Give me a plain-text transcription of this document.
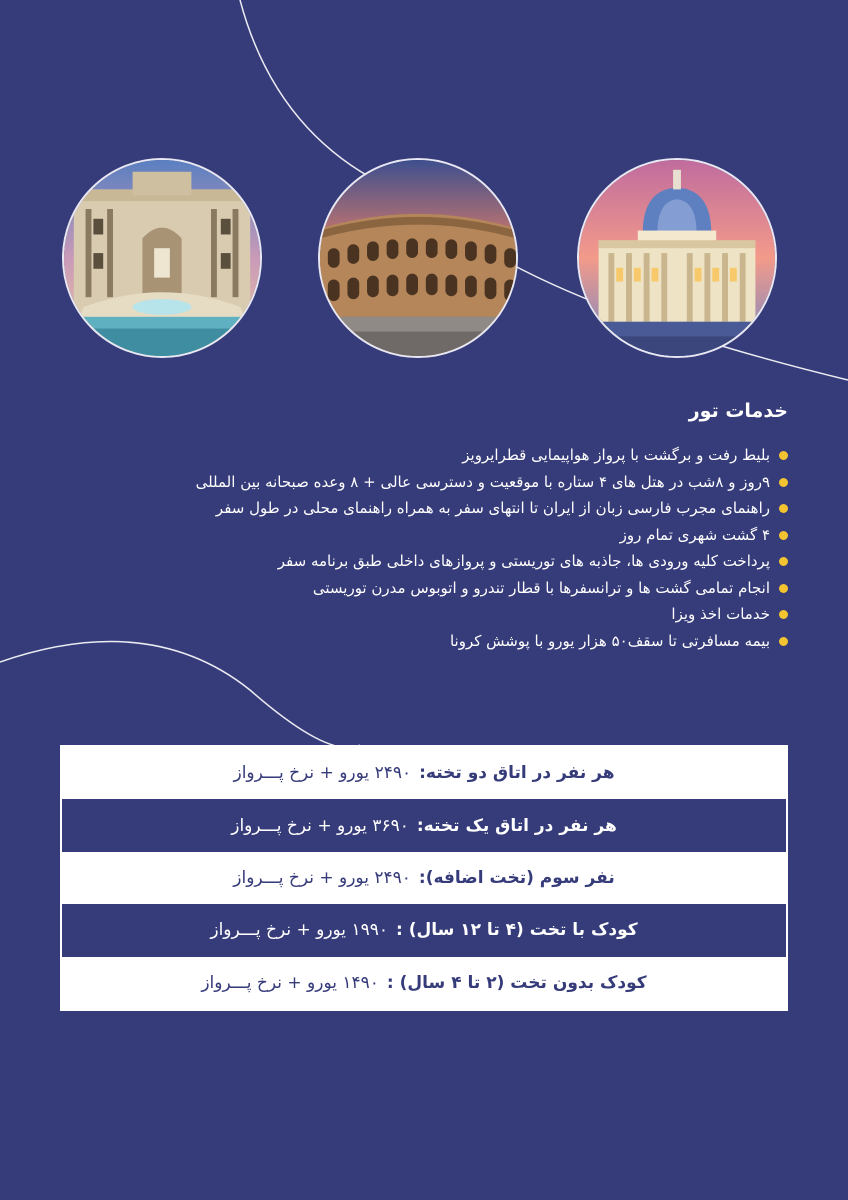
خدمات تور
بلیط رفت و برگشت با پرواز هواپیمایی قطرایرویز
۹روز و ۸شب در هتل های ۴ ستاره با موقعیت و دسترسی عالی + ۸ وعده صبحانه بین المللی
راهنمای مجرب فارسی زبان از ایران تا انتهای سفر به همراه راهنمای محلی در طول سفر
۴ گشت شهری تمام روز
پرداخت کلیه ورودی ها، جاذبه های توریستی و پروازهای داخلی طبق برنامه سفر
انجام تمامی گشت ها و ترانسفرها با قطار تندرو و اتوبوس مدرن توریستی
خدمات اخذ ویزا
بیمه مسافرتی تا سقف۵۰ هزار یورو با پوشش کرونا
هر نفر در اتاق دو تخته:
۲۴۹۰ یورو + نرخ پـــرواز
هر نفر در اتاق یک تخته:
۳۶۹۰ یورو + نرخ پـــرواز
نفر سوم (تخت اضافه):
۲۴۹۰ یورو + نرخ پـــرواز
کودک با تخت (۴ تا ۱۲ سال) :
۱۹۹۰ یورو + نرخ پـــرواز
کودک بدون تخت (۲ تا ۴ سال) :
۱۴۹۰ یورو + نرخ پـــرواز
